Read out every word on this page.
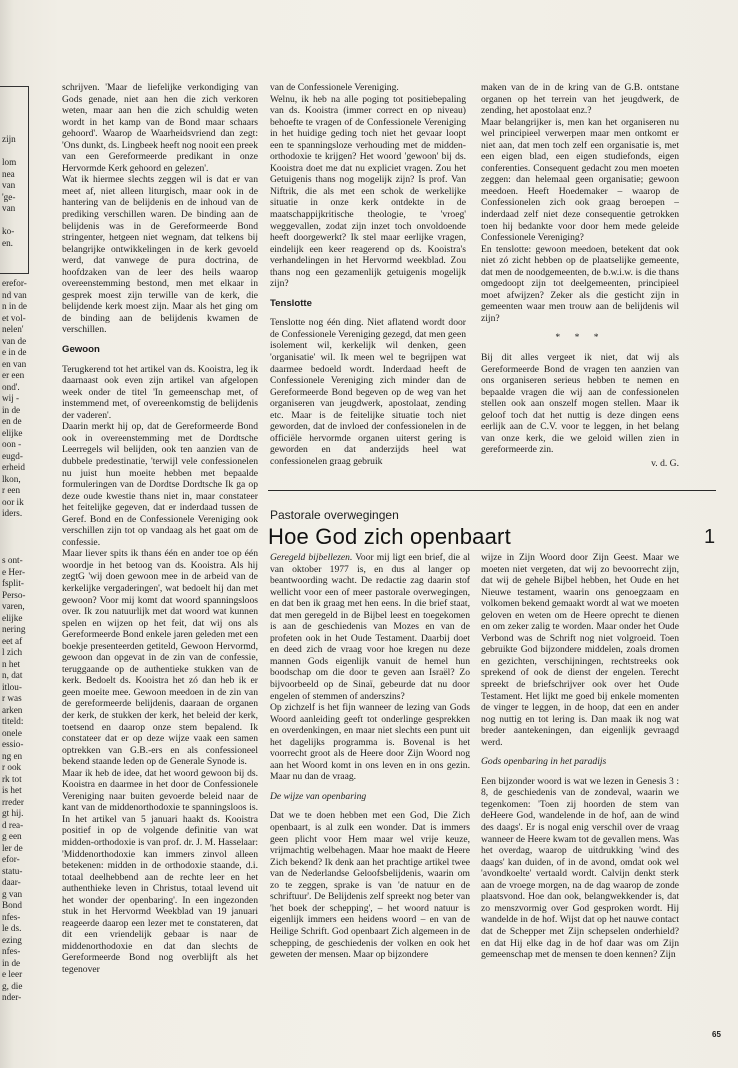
zijn

lom
nea
van
'ge-
van

ko-
en.
erefor-
nd van
n in de
et vol-
nelen'
van de
e in de
en van
er een
ond'.
wij -
in de
en de
elijke
oon -
eugd-
erheid
lkon,
r een
oor ik
iders.
s ont-
e Her-
fsplit-
Perso-
varen,
elijke
nering
eet af
l zich
n het
n, dat
itlou-
r was
arken
titeld:
onele
essio-
ng en
r ook
rk tot
is het
rreder
gt hij.
d rea-
g een
ler de
efor-
statu-
daar-
g van
Bond
nfes-
le ds.
ezing
nfes-
in de
e leer
g, die
nder-

schrijven. 'Maar de liefelijke verkondiging van Gods genade, niet aan hen die zich verkoren weten, maar aan hen die zich schuldig weten wordt in het kamp van de Bond maar schaars gehoord'. Waarop de Waarheidsvriend dan zegt: 'Ons dunkt, ds. Lingbeek heeft nog nooit een preek van een Gereformeerde predikant in onze Hervormde Kerk gehoord en gelezen'.

Wat ik hiermee slechts zeggen wil is dat er van meet af, niet alleen liturgisch, maar ook in de hantering van de belijdenis en de inhoud van de prediking verschillen waren. De binding aan de belijdenis was in de Gereformeerde Bond stringenter, hetgeen niet wegnam, dat telkens bij belangrijke ontwikkelingen in de kerk gevoeld werd, dat vanwege de pura doctrina, de hoofdzaken van de leer des heils waarop overeenstemming bestond, men met elkaar in gesprek moest zijn terwille van de kerk, die belijdende kerk moest zijn. Maar als het ging om de binding aan de belijdenis kwamen de verschillen.

Gewoon

Terugkerend tot het artikel van ds. Kooistra, leg ik daarnaast ook even zijn artikel van afgelopen week onder de titel 'In gemeenschap met, of instemmend met, of overeenkomstig de belijdenis der vaderen'.

Daarin merkt hij op, dat de Gereformeerde Bond ook in overeenstemming met de Dordtsche Leerregels wil belijden, ook ten aanzien van de dubbele predestinatie, 'terwijl vele confessionelen nu juist hun moeite hebben met bepaalde formuleringen van de Dordtse Dordtsche Ik ga op deze oude kwestie thans niet in, maar constateer het feitelijke gegeven, dat er inderdaad tussen de Geref. Bond en de Confessionele Vereniging ook verschillen zijn tot op vandaag als het gaat om de confessie.

Maar liever spits ik thans één en ander toe op één woordje in het betoog van ds. Kooistra. Als hij zegtG 'wij doen gewoon mee in de arbeid van de kerkelijke vergaderingen', wat bedoelt hij dan met gewoon? Voor mij komt dat woord spanningsloos over. Ik zou natuurlijk met dat woord wat kunnen spelen en wijzen op het feit, dat wij ons als Gereformeerde Bond enkele jaren geleden met een boekje presenteerden getiteld, Gewoon Hervormd, gewoon dan opgevat in de zin van de confessie, teruggaande op de authentieke stukken van de kerk. Bedoelt ds. Kooistra het zó dan heb ik er geen moeite mee. Gewoon meedoen in de zin van de gereformeerde belijdenis, daaraan de organen der kerk, de stukken der kerk, het beleid der kerk, toetsend en daarop onze stem bepalend. Ik constateer dat er op deze wijze vaak een samen optrekken van G.B.-ers en als confessioneel bekend staande leden op de Generale Synode is.

Maar ik heb de idee, dat het woord gewoon bij ds. Kooistra en daarmee in het door de Confessionele Vereniging naar buiten gevoerde beleid naar de kant van de middenorthodoxie te spanningsloos is. In het artikel van 5 januari haakt ds. Kooistra positief in op de volgende definitie van wat midden-orthodoxie is van prof. dr. J. M. Hasselaar: 'Middenorthodoxie kan immers zinvol alleen betekenen: midden in de orthodoxie staande, d.i. totaal deelhebbend aan de rechte leer en het authenthieke leven in Christus, totaal levend uit het wonder der openbaring'. In een ingezonden stuk in het Hervormd Weekblad van 19 januari reageerde daarop een lezer met te constateren, dat dit een vriendelijk gebaar is naar de middenorthodoxie en dat dan slechts de Gereformeerde Bond nog overblijft als het tegenover

van de Confessionele Vereniging.

Welnu, ik heb na alle poging tot positiebepaling van ds. Kooistra (immer correct en op niveau) behoefte te vragen of de Confessionele Vereniging in het huidige geding toch niet het gevaar loopt een te spanningsloze verhouding met de midden-orthodoxie te krijgen? Het woord 'gewoon' bij ds. Kooistra doet me dat nu expliciet vragen. Zou het Getuigenis thans nog mogelijk zijn? Is prof. Van Niftrik, die als met een schok de werkelijke situatie in onze kerk ontdekte in de maatschappijkritische theologie, te 'vroeg' weggevallen, zodat zijn inzet toch onvoldoende heeft doorgewerkt? Ik stel maar eerlijke vragen, eindelijk een keer reagerend op ds. Kooistra's verhandelingen in het Hervormd weekblad. Zou thans nog een gezamenlijk getuigenis mogelijk zijn?

Tenslotte

Tenslotte nog één ding. Niet aflatend wordt door de Confessionele Vereniging gezegd, dat men geen isolement wil, kerkelijk wil denken, geen 'organisatie' wil. Ik meen wel te begrijpen wat daarmee bedoeld wordt. Inderdaad heeft de Confessionele Vereniging zich minder dan de Gereformeerde Bond begeven op de weg van het organiseren van jeugdwerk, apostolaat, zending etc. Maar is de feitelijke situatie toch niet geworden, dat de invloed der confessionelen in de officiële hervormde organen uiterst gering is geworden en dat anderzijds heel wat confessionelen graag gebruik

maken van de in de kring van de G.B. ontstane organen op het terrein van het jeugdwerk, de zending, het apostolaat enz.?

Maar belangrijker is, men kan het organiseren nu wel principieel verwerpen maar men ontkomt er niet aan, dat men toch zelf een organisatie is, met een eigen blad, een eigen studiefonds, eigen conferenties. Consequent gedacht zou men moeten zeggen: dan helemaal geen organisatie; gewoon meedoen. Heeft Hoedemaker – waarop de Confessionelen zich ook graag beroepen – inderdaad zelf niet deze consequentie getrokken toen hij bedankte voor door hem mede geleide Confessionele Vereniging?

En tenslotte: gewoon meedoen, betekent dat ook niet zó zicht hebben op de plaatselijke gemeente, dat men de noodgemeenten, de b.w.i.w. is die thans omgedoopt zijn tot deelgemeenten, principieel moet afwijzen? Zeker als die gesticht zijn in gemeenten waar men trouw aan de belijdenis wil zijn?

* * *

Bij dit alles vergeet ik niet, dat wij als Gereformeerde Bond de vragen ten aanzien van ons organiseren serieus hebben te nemen en bepaalde vragen die wij aan de confessionelen stellen ook aan onszelf mogen stellen. Maar ik geloof toch dat het nuttig is deze dingen eens eerlijk aan de C.V. voor te leggen, in het belang van onze kerk, die we geloid willen zien in gereformeerde zin.

v. d. G.
Pastorale overwegingen
Hoe God zich openbaart	1

Geregeld bijbellezen. Voor mij ligt een brief, die al van oktober 1977 is, en dus al langer op beantwoording wacht. De redactie zag daarin stof wellicht voor een of meer pastorale overwegingen, en dat ben ik graag met hen eens. In die brief staat, dat men geregeld in de Bijbel leest en toegekomen is aan de geschiedenis van Mozes en van de profeten ook in het Oude Testament. Daarbij doet en deed zich de vraag voor hoe kregen nu deze mannen Gods eigenlijk vanuit de hemel hun boodschap om die door te geven aan Israël? Zo bijvoorbeeld op de Sinaï, gebeurde dat nu door engelen of stemmen of anderszins?

Op zichzelf is het fijn wanneer de lezing van Gods Woord aanleiding geeft tot onderlinge gesprekken en overdenkingen, en maar niet slechts een punt uit het dagelijks programma is. Bovenal is het voorrecht groot als de Heere door Zijn Woord nog aan het Woord komt in ons leven en in ons gezin. Maar nu dan de vraag.

De wijze van openbaring

Dat we te doen hebben met een God, Die Zich openbaart, is al zulk een wonder. Dat is immers geen plicht voor Hem maar wel vrije keuze, vrijmachtig welbehagen. Maar hoe maakt de Heere Zich bekend? Ik denk aan het prachtige artikel twee van de Nederlandse Geloofsbelijdenis, waarin om zo te zeggen, sprake is van 'de natuur en de schriftuur'. De Belijdenis zelf spreekt nog beter van 'het boek der schepping', – het woord natuur is eigenlijk immers een heidens woord – en van de Heilige Schrift. God openbaart Zich algemeen in de schepping, de geschiedenis der volken en ook het geweten der mensen. Maar op bijzondere

wijze in Zijn Woord door Zijn Geest. Maar we moeten niet vergeten, dat wij zo bevoorrecht zijn, dat wij de gehele Bijbel hebben, het Oude en het Nieuwe testament, waarin ons genoegzaam en volkomen bekend gemaakt wordt al wat we moeten geloven en weten om de Heere oprecht te dienen en om zeker zalig te worden. Maar onder het Oude Verbond was de Schrift nog niet volgroeid. Toen gebruikte God bijzondere middelen, zoals dromen en gezichten, verschijningen, rechtstreeks ook sprekend of ook de dienst der engelen. Terecht spreekt de briefschrijver ook over het Oude Testament. Het lijkt me goed bij enkele momenten de vinger te leggen, in de hoop, dat een en ander nog nuttig en tot lering is. Dan maak ik nog wat breder aantekeningen, dan eigenlijk gevraagd werd.

Gods openbaring in het paradijs

Een bijzonder woord is wat we lezen in Genesis 3 : 8, de geschiedenis van de zondeval, waarin we tegenkomen: 'Toen zij hoorden de stem van deHeere God, wandelende in de hof, aan de wind des daags'. Er is nogal enig verschil over de vraag wanneer de Heere kwam tot de gevallen mens. Was het overdag, waarop de uitdrukking 'wind des daags' kan duiden, of in de avond, omdat ook wel 'avondkoelte' vertaald wordt. Calvijn denkt sterk aan de vroege morgen, na de dag waarop de zonde plaatsvond. Hoe dan ook, belangwekkender is, dat zo menszvormig over God gesproken wordt. Hij wandelde in de hof. Wijst dat op het nauwe contact dat de Schepper met Zijn schepselen onderhield? en dat Hij elke dag in de hof daar was om Zijn gemeenschap met de mensen te doen kennen? Zijn

65
